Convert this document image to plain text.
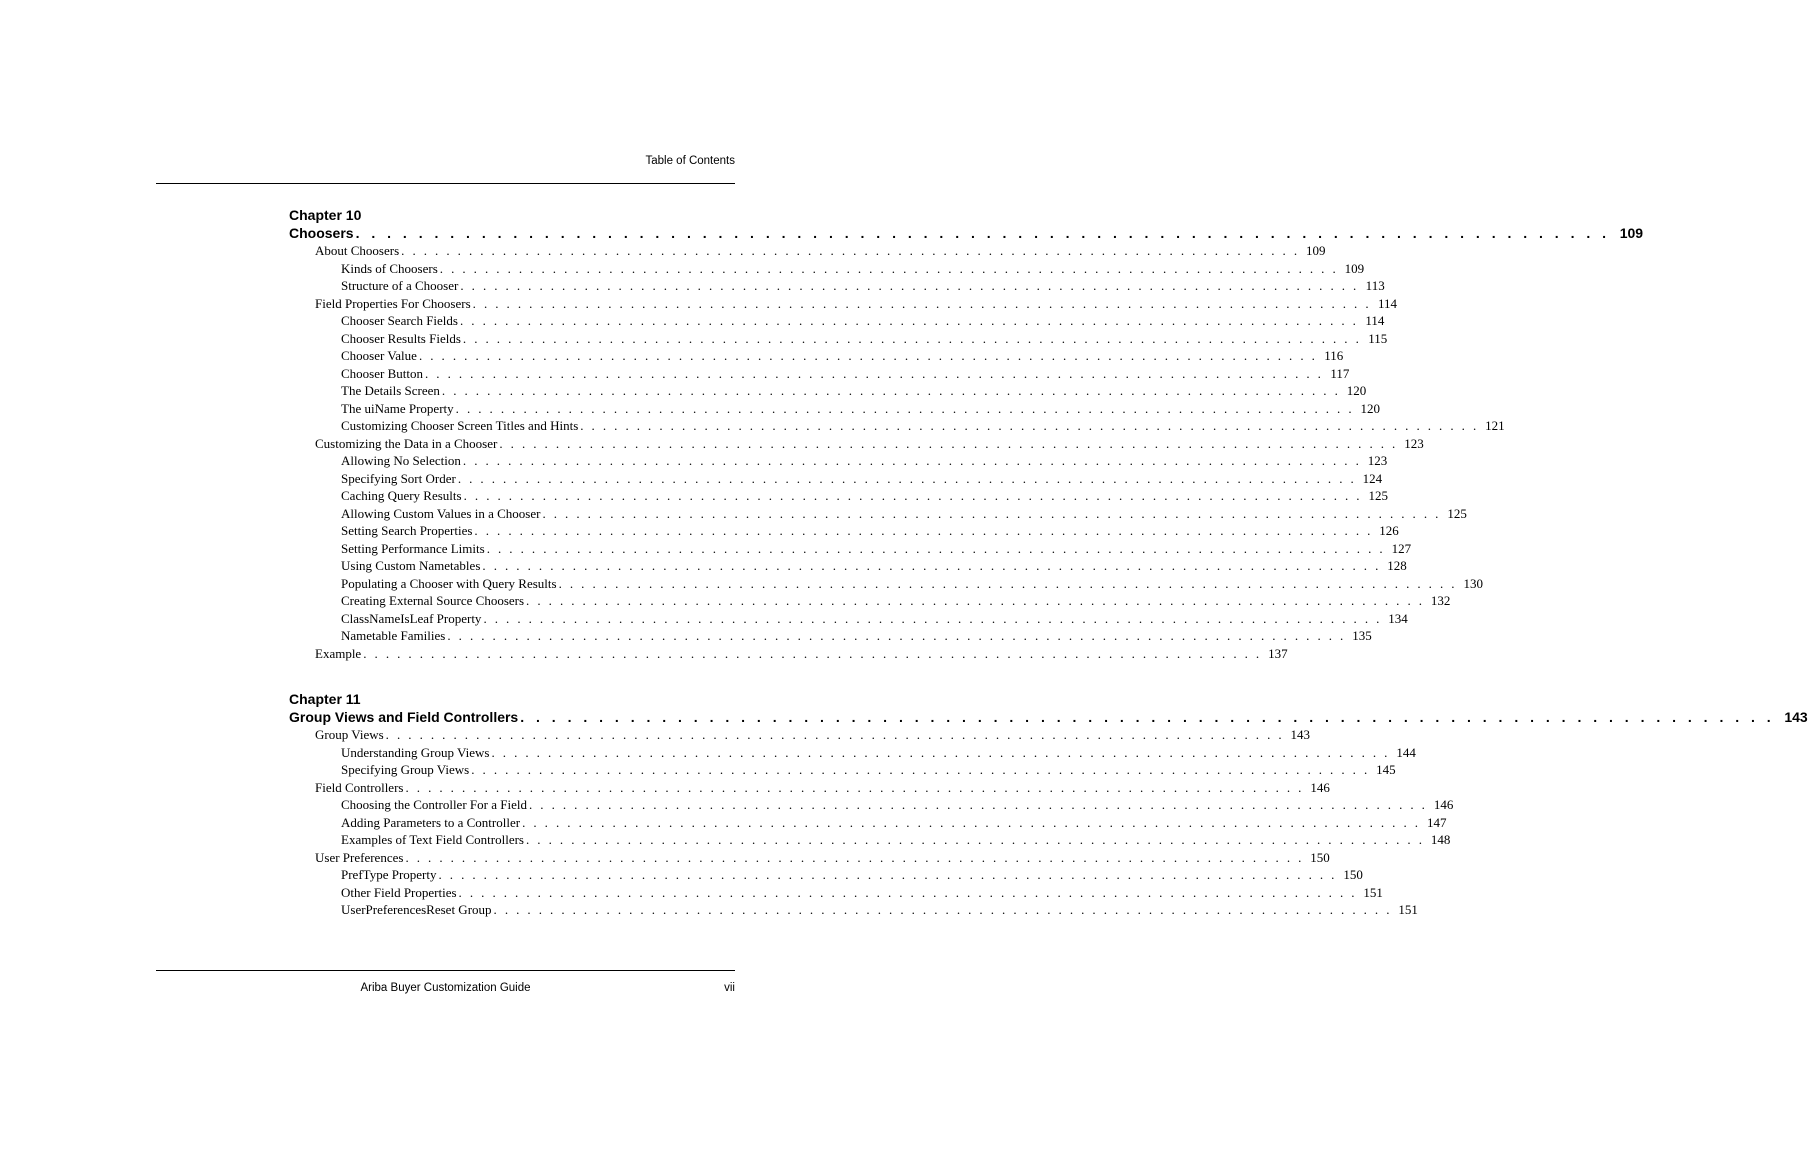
Table of Contents
Chapter 10
Choosers . . . . . . . . . . . . . . . . . . . . . . . . . . . . . . . . . . . . . . . . . . . . . . . . . . . . . . . . . . . . . . . . . . . . . . . . . . . . . . . . 109
About Choosers . . . . . . . . . . . . . . . . . . . . . . . . . . . . . . . . . . . . . . . . . . . . . . . . . . . . . . . . . . . . . . . . . . . . . . . . . . . . . . . . 109
Kinds of Choosers . . . . . . . . . . . . . . . . . . . . . . . . . . . . . . . . . . . . . . . . . . . . . . . . . . . . . . . . . . . . . . . . . . . . . . . . . . . . . . . . 109
Structure of a Chooser . . . . . . . . . . . . . . . . . . . . . . . . . . . . . . . . . . . . . . . . . . . . . . . . . . . . . . . . . . . . . . . . . . . . . . . . . . . . . . . . 113
Field Properties For Choosers . . . . . . . . . . . . . . . . . . . . . . . . . . . . . . . . . . . . . . . . . . . . . . . . . . . . . . . . . . . . . . . . . . . . . . . . . . . . . . . . 114
Chooser Search Fields . . . . . . . . . . . . . . . . . . . . . . . . . . . . . . . . . . . . . . . . . . . . . . . . . . . . . . . . . . . . . . . . . . . . . . . . . . . . . . . . 114
Chooser Results Fields . . . . . . . . . . . . . . . . . . . . . . . . . . . . . . . . . . . . . . . . . . . . . . . . . . . . . . . . . . . . . . . . . . . . . . . . . . . . . . . . 115
Chooser Value . . . . . . . . . . . . . . . . . . . . . . . . . . . . . . . . . . . . . . . . . . . . . . . . . . . . . . . . . . . . . . . . . . . . . . . . . . . . . . . . 116
Chooser Button . . . . . . . . . . . . . . . . . . . . . . . . . . . . . . . . . . . . . . . . . . . . . . . . . . . . . . . . . . . . . . . . . . . . . . . . . . . . . . . . 117
The Details Screen . . . . . . . . . . . . . . . . . . . . . . . . . . . . . . . . . . . . . . . . . . . . . . . . . . . . . . . . . . . . . . . . . . . . . . . . . . . . . . . . 120
The uiName Property . . . . . . . . . . . . . . . . . . . . . . . . . . . . . . . . . . . . . . . . . . . . . . . . . . . . . . . . . . . . . . . . . . . . . . . . . . . . . . . . 120
Customizing Chooser Screen Titles and Hints . . . . . . . . . . . . . . . . . . . . . . . . . . . . . . . . . . . . . . . . . . . . . . . . . . . . . . . . . . . . . . . . . . . . . . . . . . . . . . . . 121
Customizing the Data in a Chooser . . . . . . . . . . . . . . . . . . . . . . . . . . . . . . . . . . . . . . . . . . . . . . . . . . . . . . . . . . . . . . . . . . . . . . . . . . . . . . . . 123
Allowing No Selection . . . . . . . . . . . . . . . . . . . . . . . . . . . . . . . . . . . . . . . . . . . . . . . . . . . . . . . . . . . . . . . . . . . . . . . . . . . . . . . . 123
Specifying Sort Order . . . . . . . . . . . . . . . . . . . . . . . . . . . . . . . . . . . . . . . . . . . . . . . . . . . . . . . . . . . . . . . . . . . . . . . . . . . . . . . . 124
Caching Query Results . . . . . . . . . . . . . . . . . . . . . . . . . . . . . . . . . . . . . . . . . . . . . . . . . . . . . . . . . . . . . . . . . . . . . . . . . . . . . . . . 125
Allowing Custom Values in a Chooser . . . . . . . . . . . . . . . . . . . . . . . . . . . . . . . . . . . . . . . . . . . . . . . . . . . . . . . . . . . . . . . . . . . . . . . . . . . . . . . . 125
Setting Search Properties . . . . . . . . . . . . . . . . . . . . . . . . . . . . . . . . . . . . . . . . . . . . . . . . . . . . . . . . . . . . . . . . . . . . . . . . . . . . . . . . 126
Setting Performance Limits . . . . . . . . . . . . . . . . . . . . . . . . . . . . . . . . . . . . . . . . . . . . . . . . . . . . . . . . . . . . . . . . . . . . . . . . . . . . . . . . 127
Using Custom Nametables . . . . . . . . . . . . . . . . . . . . . . . . . . . . . . . . . . . . . . . . . . . . . . . . . . . . . . . . . . . . . . . . . . . . . . . . . . . . . . . . 128
Populating a Chooser with Query Results . . . . . . . . . . . . . . . . . . . . . . . . . . . . . . . . . . . . . . . . . . . . . . . . . . . . . . . . . . . . . . . . . . . . . . . . . . . . . . . . 130
Creating External Source Choosers . . . . . . . . . . . . . . . . . . . . . . . . . . . . . . . . . . . . . . . . . . . . . . . . . . . . . . . . . . . . . . . . . . . . . . . . . . . . . . . . 132
ClassNameIsLeaf Property . . . . . . . . . . . . . . . . . . . . . . . . . . . . . . . . . . . . . . . . . . . . . . . . . . . . . . . . . . . . . . . . . . . . . . . . . . . . . . . . 134
Nametable Families . . . . . . . . . . . . . . . . . . . . . . . . . . . . . . . . . . . . . . . . . . . . . . . . . . . . . . . . . . . . . . . . . . . . . . . . . . . . . . . . 135
Example . . . . . . . . . . . . . . . . . . . . . . . . . . . . . . . . . . . . . . . . . . . . . . . . . . . . . . . . . . . . . . . . . . . . . . . . . . . . . . . . 137
Chapter 11
Group Views and Field Controllers . . . . . . . . . . . . . . . . . . . . . . . . . . . . . . . . . . . . . . . . . . . . . . . . . . . . . . . . . . . . . . . . . . . . . . . . . . . . . . . . 143
Group Views . . . . . . . . . . . . . . . . . . . . . . . . . . . . . . . . . . . . . . . . . . . . . . . . . . . . . . . . . . . . . . . . . . . . . . . . . . . . . . . . 143
Understanding Group Views . . . . . . . . . . . . . . . . . . . . . . . . . . . . . . . . . . . . . . . . . . . . . . . . . . . . . . . . . . . . . . . . . . . . . . . . . . . . . . . . 144
Specifying Group Views . . . . . . . . . . . . . . . . . . . . . . . . . . . . . . . . . . . . . . . . . . . . . . . . . . . . . . . . . . . . . . . . . . . . . . . . . . . . . . . . 145
Field Controllers . . . . . . . . . . . . . . . . . . . . . . . . . . . . . . . . . . . . . . . . . . . . . . . . . . . . . . . . . . . . . . . . . . . . . . . . . . . . . . . . 146
Choosing the Controller For a Field . . . . . . . . . . . . . . . . . . . . . . . . . . . . . . . . . . . . . . . . . . . . . . . . . . . . . . . . . . . . . . . . . . . . . . . . . . . . . . . . 146
Adding Parameters to a Controller . . . . . . . . . . . . . . . . . . . . . . . . . . . . . . . . . . . . . . . . . . . . . . . . . . . . . . . . . . . . . . . . . . . . . . . . . . . . . . . . 147
Examples of Text Field Controllers . . . . . . . . . . . . . . . . . . . . . . . . . . . . . . . . . . . . . . . . . . . . . . . . . . . . . . . . . . . . . . . . . . . . . . . . . . . . . . . . 148
User Preferences . . . . . . . . . . . . . . . . . . . . . . . . . . . . . . . . . . . . . . . . . . . . . . . . . . . . . . . . . . . . . . . . . . . . . . . . . . . . . . . . 150
PrefType Property . . . . . . . . . . . . . . . . . . . . . . . . . . . . . . . . . . . . . . . . . . . . . . . . . . . . . . . . . . . . . . . . . . . . . . . . . . . . . . . . 150
Other Field Properties . . . . . . . . . . . . . . . . . . . . . . . . . . . . . . . . . . . . . . . . . . . . . . . . . . . . . . . . . . . . . . . . . . . . . . . . . . . . . . . . 151
UserPreferencesReset Group . . . . . . . . . . . . . . . . . . . . . . . . . . . . . . . . . . . . . . . . . . . . . . . . . . . . . . . . . . . . . . . . . . . . . . . . . . . . . . . . 151
Ariba Buyer Customization Guide	vii
